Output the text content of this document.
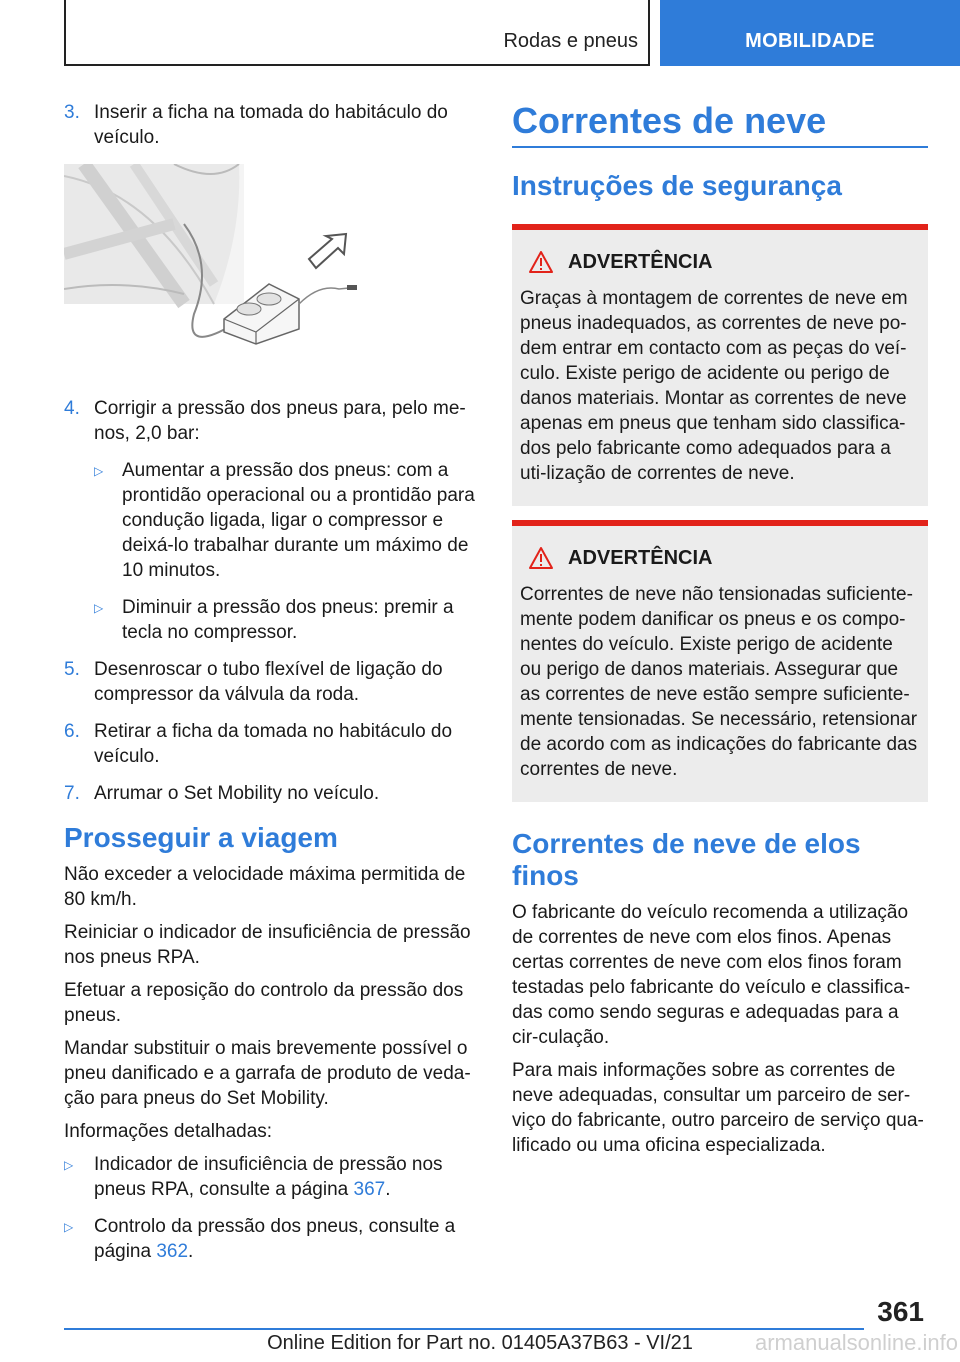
Rodas e pneus	MOBILIDADE
3. Inserir a ficha na tomada do habitáculo do veículo.
4. Corrigir a pressão dos pneus para, pelo me-nos, 2,0 bar:
▷ Aumentar a pressão dos pneus: com a prontidão operacional ou a prontidão para condução ligada, ligar o compressor e deixá-lo trabalhar durante um máximo de 10 minutos.
▷ Diminuir a pressão dos pneus: premir a tecla no compressor.
5. Desenroscar o tubo flexível de ligação do compressor da válvula da roda.
6. Retirar a ficha da tomada no habitáculo do veículo.
7. Arrumar o Set Mobility no veículo.
Prosseguir a viagem
Não exceder a velocidade máxima permitida de 80 km/h.
Reiniciar o indicador de insuficiência de pressão nos pneus RPA.
Efetuar a reposição do controlo da pressão dos pneus.
Mandar substituir o mais brevemente possível o pneu danificado e a garrafa de produto de veda-ção para pneus do Set Mobility.
Informações detalhadas:
▷ Indicador de insuficiência de pressão nos pneus RPA, consulte a página 367.
▷ Controlo da pressão dos pneus, consulte a página 362.
Correntes de neve
Instruções de segurança
ADVERTÊNCIA
Graças à montagem de correntes de neve em pneus inadequados, as correntes de neve po-dem entrar em contacto com as peças do veí-culo. Existe perigo de acidente ou perigo de danos materiais. Montar as correntes de neve apenas em pneus que tenham sido classifica-dos pelo fabricante como adequados para a uti-lização de correntes de neve.
ADVERTÊNCIA
Correntes de neve não tensionadas suficiente-mente podem danificar os pneus e os compo-nentes do veículo. Existe perigo de acidente ou perigo de danos materiais. Assegurar que as correntes de neve estão sempre suficiente-mente tensionadas. Se necessário, retensionar de acordo com as indicações do fabricante das correntes de neve.
Correntes de neve de elos finos
O fabricante do veículo recomenda a utilização de correntes de neve com elos finos. Apenas certas correntes de neve com elos finos foram testadas pelo fabricante do veículo e classifica-das como sendo seguras e adequadas para a cir-culação.
Para mais informações sobre as correntes de neve adequadas, consultar um parceiro de ser-viço do fabricante, outro parceiro de serviço qua-lificado ou uma oficina especializada.
361
Online Edition for Part no. 01405A37B63 - VI/21	armanualsonline.info
